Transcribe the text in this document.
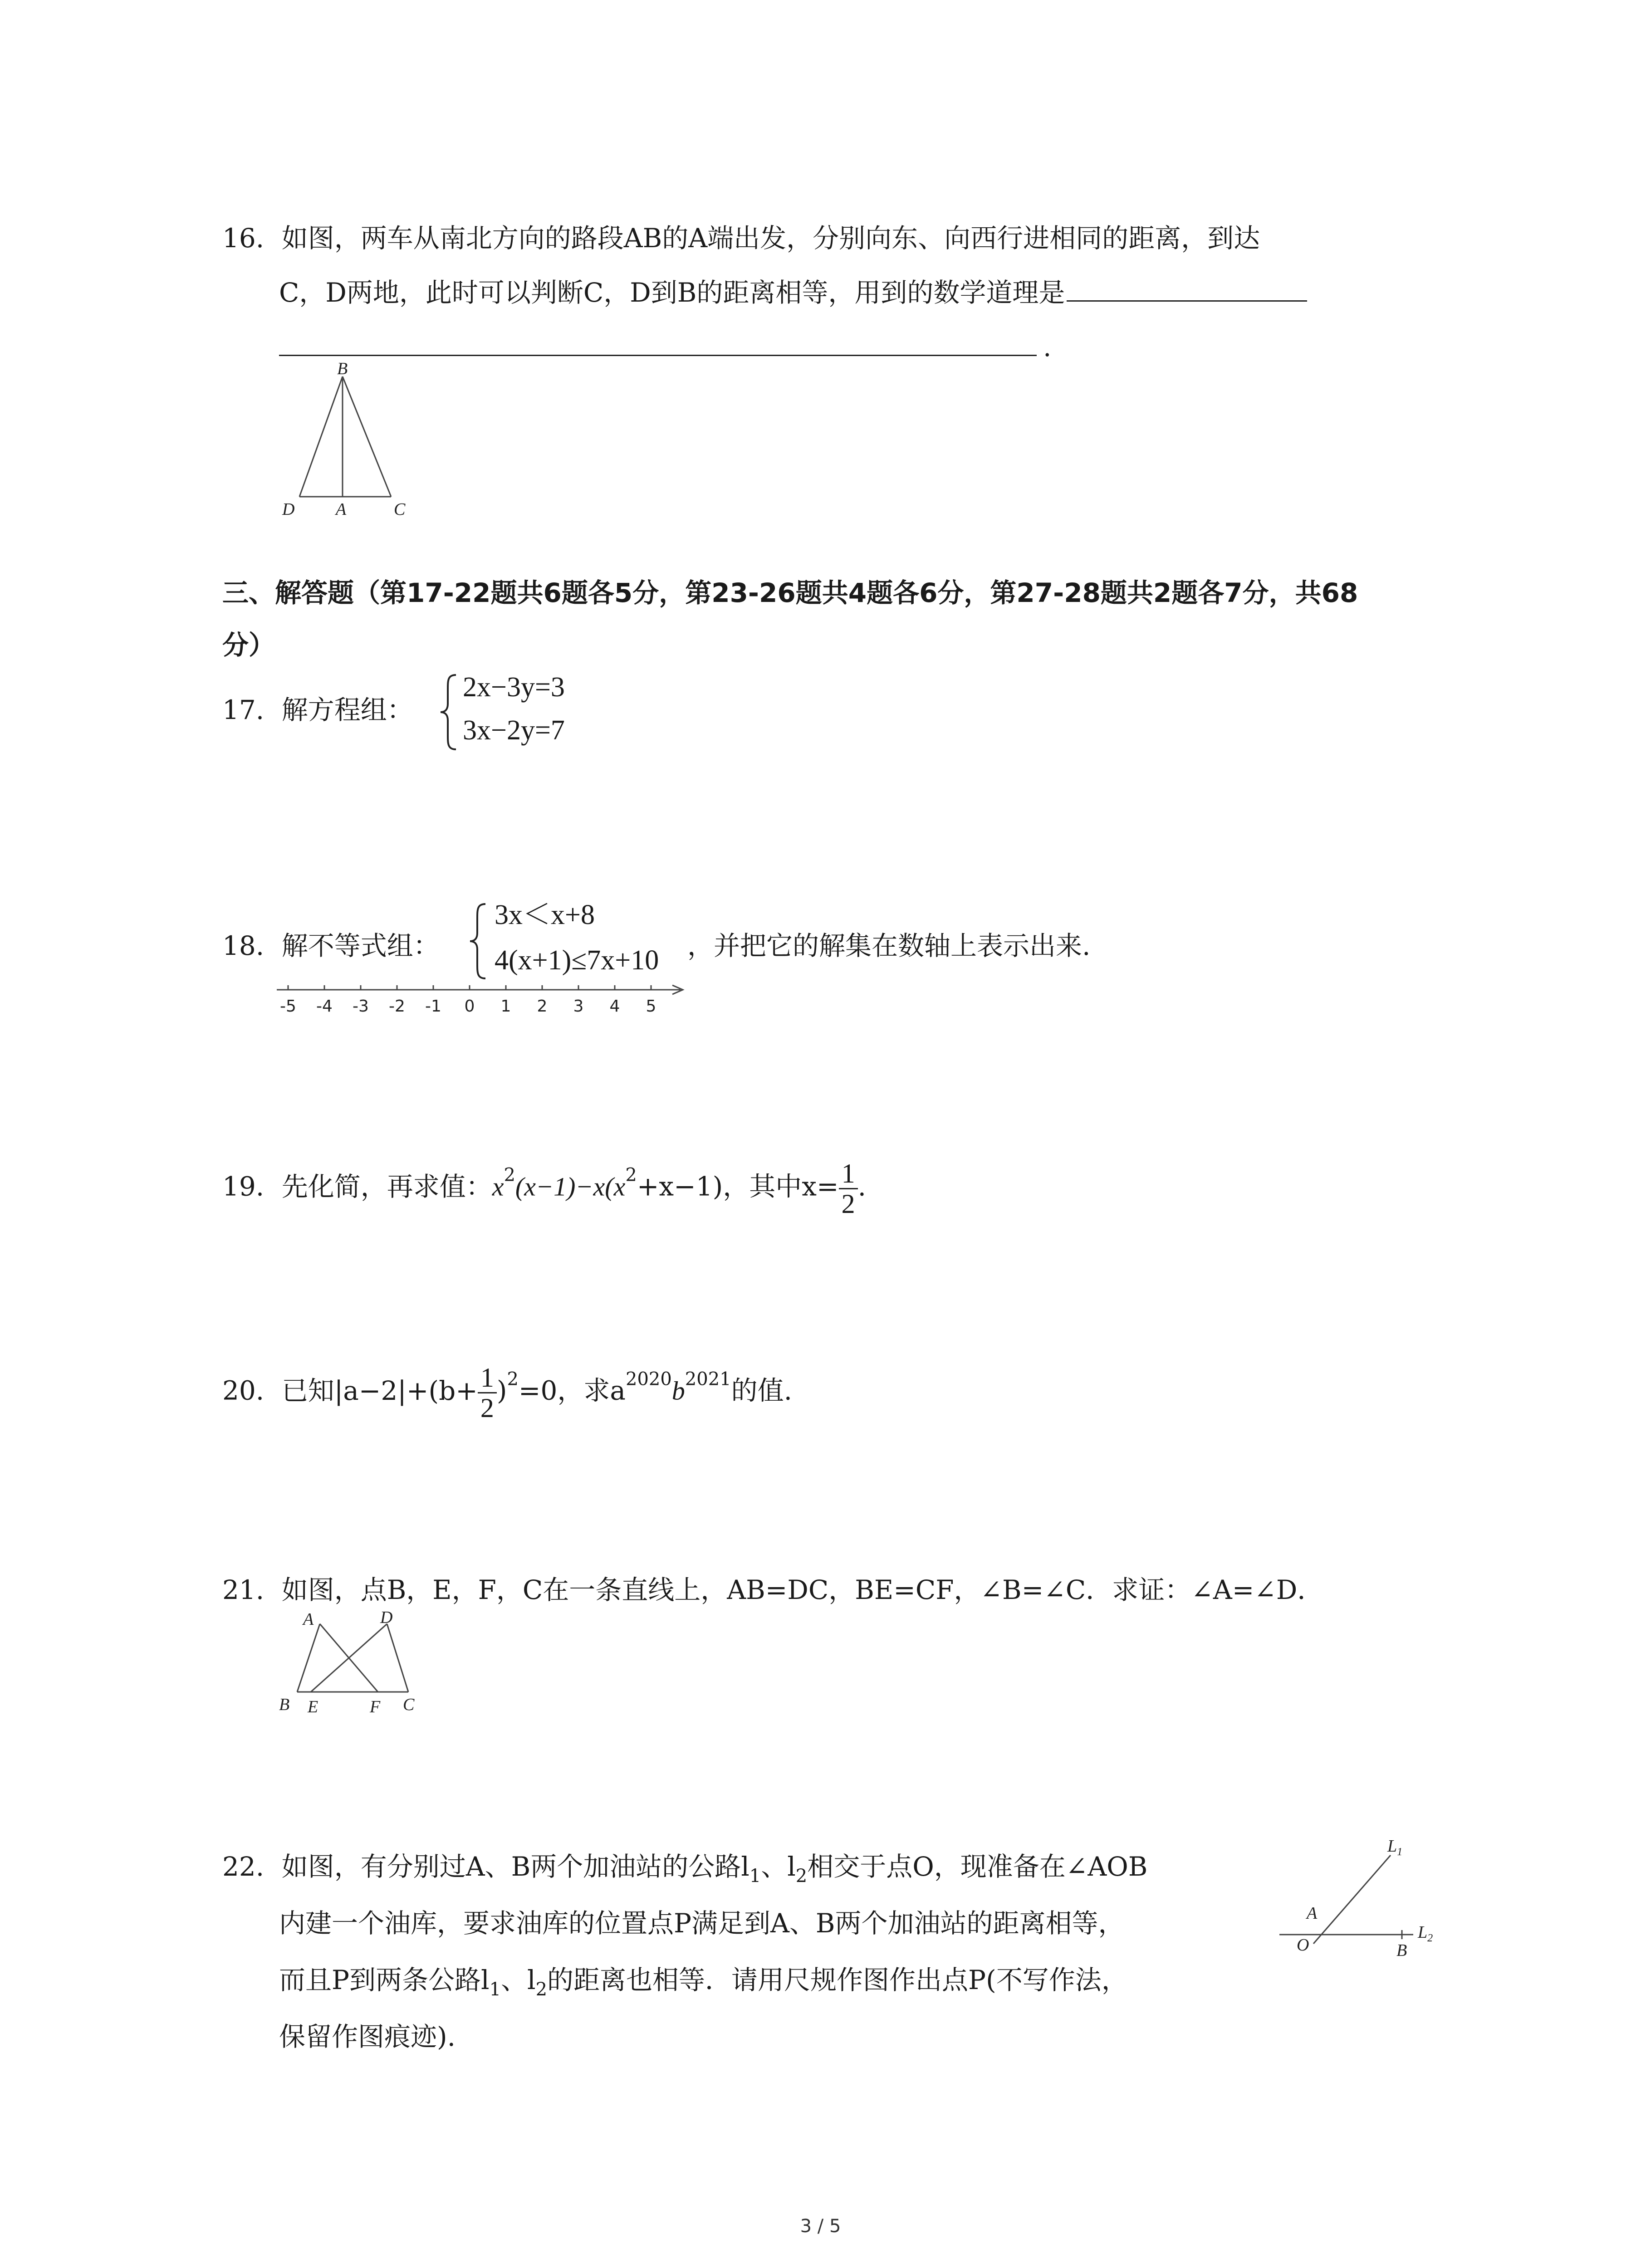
16. 如图，两车从南北方向的路段AB的A端出发，分别向东、向西行进相同的距离，到达
C，D两地，此时可以判断C，D到B的距离相等，用到的数学道理是
.
B
D A	C
三、解答题（第17-22题共6题各5分，第23-26题共4题各6分，第27-28题共2题各7分，共68
分）
17. 解方程组：
2x−3y=3
3x−2y=7
18. 解不等式组：
3x＜x+8
4(x+1)≤7x+10 ，并把它的解集在数轴上表示出来.
-5 -4 -3 -2 -1 0 1 2 3 4 5
19. 先化简，再求值：$x^2(x-1)-x(x^2+x-1)$，其中$x= \frac{1}{2}$ .
20. 已知$|a-2|+(b+ \frac{1}{2} )^2=0$，求$a^{2020}b^{2021}$的值.
21. 如图，点B，E，F，C在一条直线上，AB=DC，BE=CF，∠B=∠C．求证：∠A=∠D．
A	D
B E	F C
22. 如图，有分别过A、B两个加油站的公路$l_1$、$l_2$相交于点O，现准备在∠AOB
内建一个油库，要求油库的位置点P满足到A、B两个加油站的距离相等，
而且P到两条公路$l_1$、$l_2$的距离也相等．请用尺规作图作出点P(不写作法，
保留作图痕迹).
$L_1$
$L_2$
A
O	B
3 / 5
